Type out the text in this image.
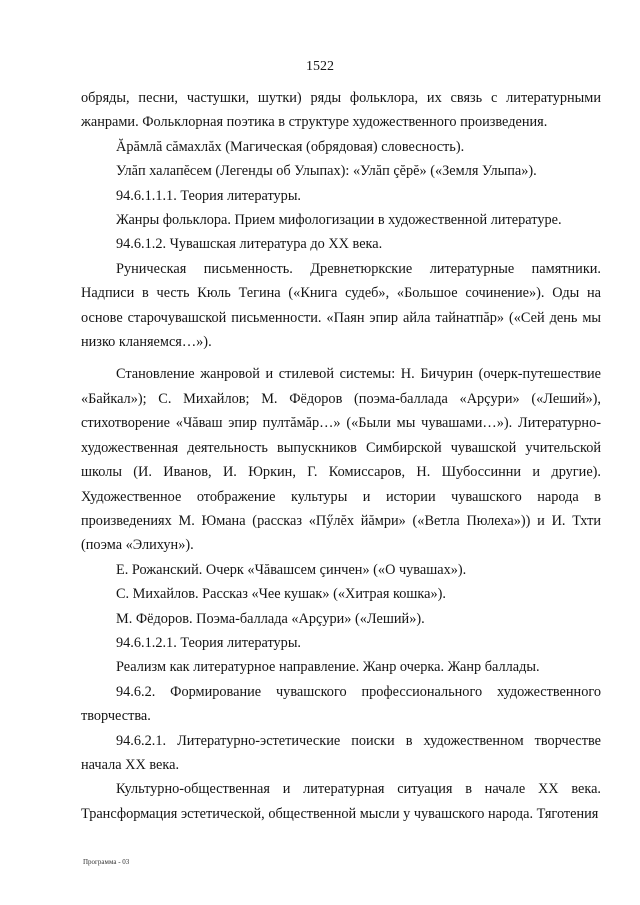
1522

обряды, песни, частушки, шутки) ряды фольклора, их связь с литературными жанрами. Фольклорная поэтика в структуре художественного произведения.

Ăрăмлă сăмахлăх (Магическая (обрядовая) словесность).

Улăп халапĕсем (Легенды об Улыпах): «Улăп çĕрĕ» («Земля Улыпа»).

94.6.1.1.1. Теория литературы.

Жанры фольклора. Прием мифологизации в художественной литературе.

94.6.1.2. Чувашская литература до XX века.

Руническая письменность. Древнетюркские литературные памятники. Надписи в честь Кюль Тегина («Книга судеб», «Большое сочинение»). Оды на основе старочувашской письменности. «Паян эпир айла тайнатпăр» («Сей день мы низко кланяемся…»).

Становление жанровой и стилевой системы: Н. Бичурин (очерк-путешествие «Байкал»); С. Михайлов; М. Фёдоров (поэма-баллада «Арçури» («Леший»), стихотворение «Чăваш эпир пултăмăр…» («Были мы чувашами…»). Литературно-художественная деятельность выпускников Симбирской чувашской учительской школы (И. Иванов, И. Юркин, Г. Комиссаров, Н. Шубоссинни и другие). Художественное отображение культуры и истории чувашского народа в произведениях М. Юмана (рассказ «Пӳлĕх йăмри» («Ветла Пюлеха»)) и И. Тхти (поэма «Элихун»).

Е. Рожанский. Очерк «Чăвашсем çинчен» («О чувашах»).

С. Михайлов. Рассказ «Чее кушак» («Хитрая кошка»).

М. Фёдоров. Поэма-баллада «Арçури» («Леший»).

94.6.1.2.1. Теория литературы.

Реализм как литературное направление. Жанр очерка. Жанр баллады.

94.6.2. Формирование чувашского профессионального художественного творчества.

94.6.2.1. Литературно-эстетические поиски в художественном творчестве начала XX века.

Культурно-общественная и литературная ситуация в начале XX века. Трансформация эстетической, общественной мысли у чувашского народа. Тяготения

Программа - 03
